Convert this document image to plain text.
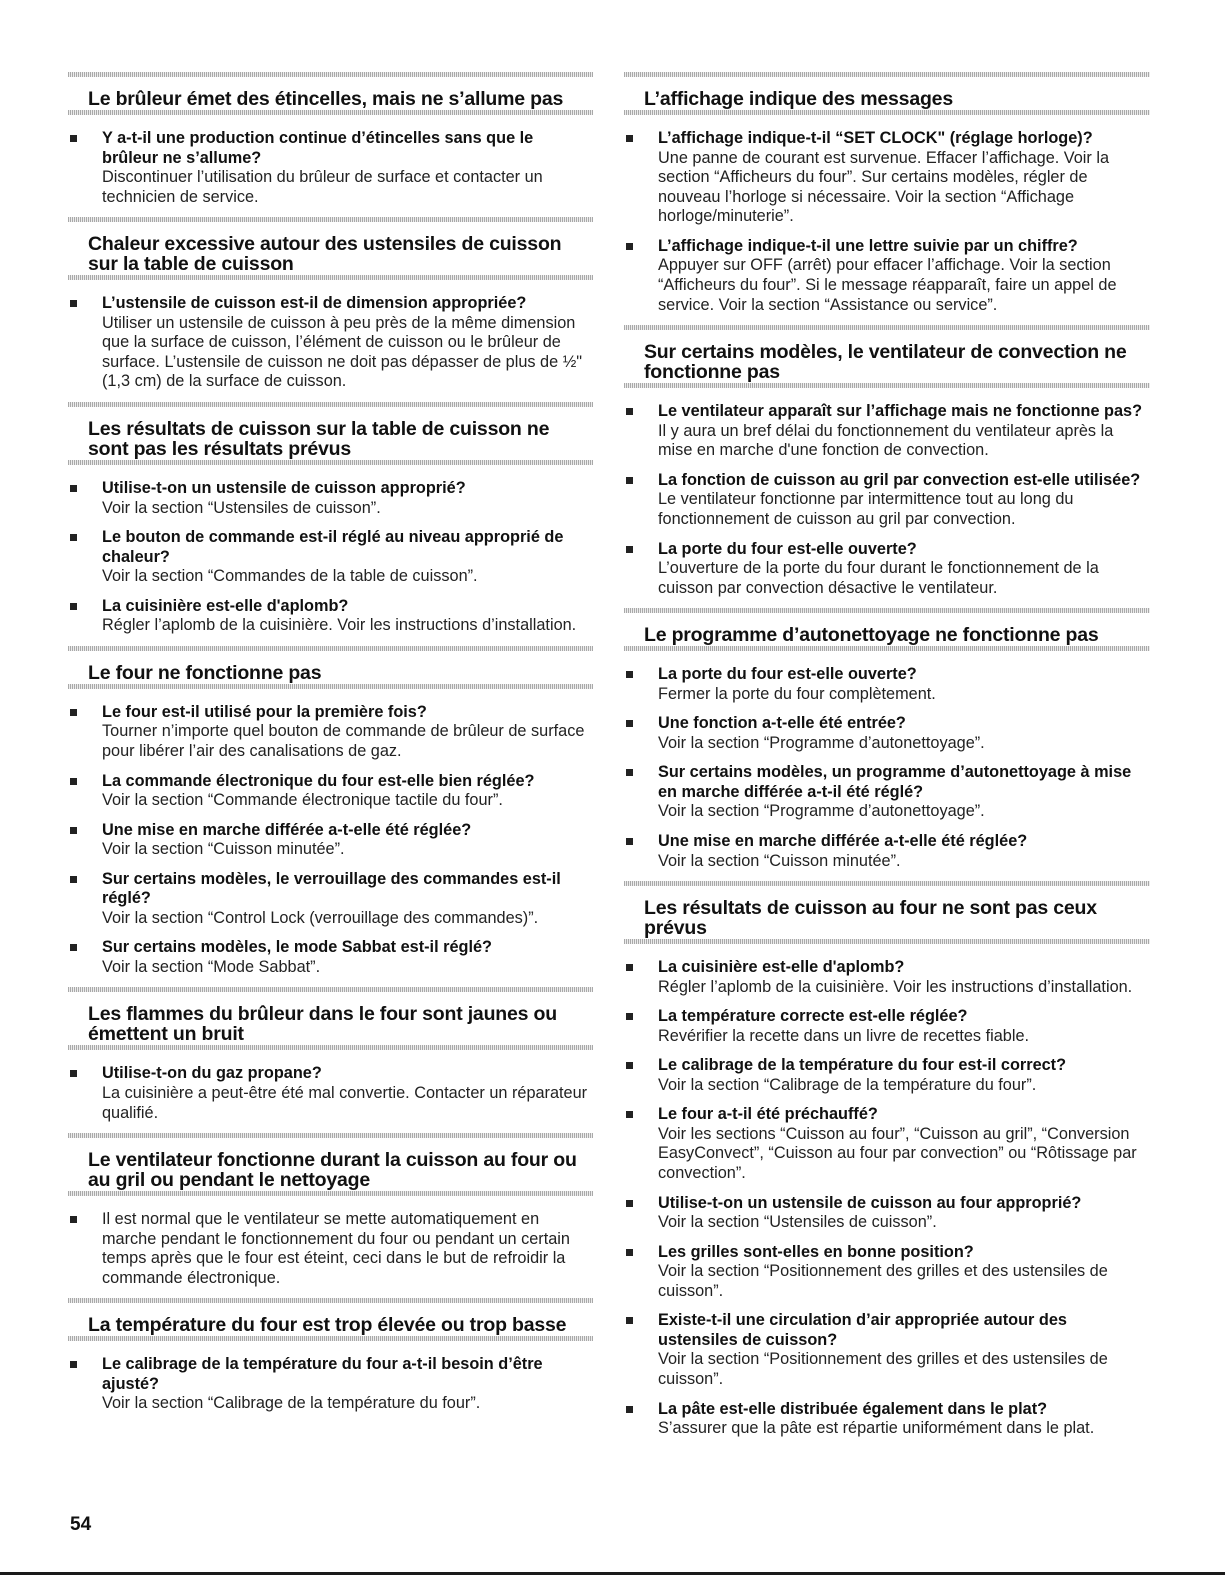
Le brûleur émet des étincelles, mais ne s’allume pas
Y a-t-il une production continue d’étincelles sans que le brûleur ne s’allume?
Discontinuer l’utilisation du brûleur de surface et contacter un technicien de service.
Chaleur excessive autour des ustensiles de cuisson sur la table de cuisson
L’ustensile de cuisson est-il de dimension appropriée?
Utiliser un ustensile de cuisson à peu près de la même dimension que la surface de cuisson, l’élément de cuisson ou le brûleur de surface. L’ustensile de cuisson ne doit pas dépasser de plus de ½" (1,3 cm) de la surface de cuisson.
Les résultats de cuisson sur la table de cuisson ne sont pas les résultats prévus
Utilise-t-on un ustensile de cuisson approprié?
Voir la section “Ustensiles de cuisson”.
Le bouton de commande est-il réglé au niveau approprié de chaleur?
Voir la section “Commandes de la table de cuisson”.
La cuisinière est-elle d'aplomb?
Régler l’aplomb de la cuisinière. Voir les instructions d’installation.
Le four ne fonctionne pas
Le four est-il utilisé pour la première fois?
Tourner n’importe quel bouton de commande de brûleur de surface pour libérer l’air des canalisations de gaz.
La commande électronique du four est-elle bien réglée?
Voir la section “Commande électronique tactile du four”.
Une mise en marche différée a-t-elle été réglée?
Voir la section “Cuisson minutée”.
Sur certains modèles, le verrouillage des commandes est-il réglé?
Voir la section “Control Lock (verrouillage des commandes)”.
Sur certains modèles, le mode Sabbat est-il réglé?
Voir la section “Mode Sabbat”.
Les flammes du brûleur dans le four sont jaunes ou émettent un bruit
Utilise-t-on du gaz propane?
La cuisinière a peut-être été mal convertie. Contacter un réparateur qualifié.
Le ventilateur fonctionne durant la cuisson au four ou au gril ou pendant le nettoyage
Il est normal que le ventilateur se mette automatiquement en marche pendant le fonctionnement du four ou pendant un certain temps après que le four est éteint, ceci dans le but de refroidir la commande électronique.
La température du four est trop élevée ou trop basse
Le calibrage de la température du four a-t-il besoin d’être ajusté?
Voir la section “Calibrage de la température du four”.
L’affichage indique des messages
L’affichage indique-t-il “SET CLOCK" (réglage horloge)?
Une panne de courant est survenue. Effacer l’affichage. Voir la section “Afficheurs du four”. Sur certains modèles, régler de nouveau l’horloge si nécessaire. Voir la section “Affichage horloge/minuterie”.
L’affichage indique-t-il une lettre suivie par un chiffre?
Appuyer sur OFF (arrêt) pour effacer l’affichage. Voir la section “Afficheurs du four”. Si le message réapparaît, faire un appel de service. Voir la section “Assistance ou service”.
Sur certains modèles, le ventilateur de convection ne fonctionne pas
Le ventilateur apparaît sur l’affichage mais ne fonctionne pas?
Il y aura un bref délai du fonctionnement du ventilateur après la mise en marche d'une fonction de convection.
La fonction de cuisson au gril par convection est-elle utilisée?
Le ventilateur fonctionne par intermittence tout au long du fonctionnement de cuisson au gril par convection.
La porte du four est-elle ouverte?
L’ouverture de la porte du four durant le fonctionnement de la cuisson par convection désactive le ventilateur.
Le programme d’autonettoyage ne fonctionne pas
La porte du four est-elle ouverte?
Fermer la porte du four complètement.
Une fonction a-t-elle été entrée?
Voir la section “Programme d’autonettoyage”.
Sur certains modèles, un programme d’autonettoyage à mise en marche différée a-t-il été réglé?
Voir la section “Programme d’autonettoyage”.
Une mise en marche différée a-t-elle été réglée?
Voir la section “Cuisson minutée”.
Les résultats de cuisson au four ne sont pas ceux prévus
La cuisinière est-elle d'aplomb?
Régler l’aplomb de la cuisinière. Voir les instructions d’installation.
La température correcte est-elle réglée?
Revérifier la recette dans un livre de recettes fiable.
Le calibrage de la température du four est-il correct?
Voir la section “Calibrage de la température du four”.
Le four a-t-il été préchauffé?
Voir les sections “Cuisson au four”, “Cuisson au gril”, “Conversion EasyConvect”, “Cuisson au four par convection” ou “Rôtissage par convection”.
Utilise-t-on un ustensile de cuisson au four approprié?
Voir la section “Ustensiles de cuisson”.
Les grilles sont-elles en bonne position?
Voir la section “Positionnement des grilles et des ustensiles de cuisson”.
Existe-t-il une circulation d’air appropriée autour des ustensiles de cuisson?
Voir la section “Positionnement des grilles et des ustensiles de cuisson”.
La pâte est-elle distribuée également dans le plat?
S’assurer que la pâte est répartie uniformément dans le plat.
54
